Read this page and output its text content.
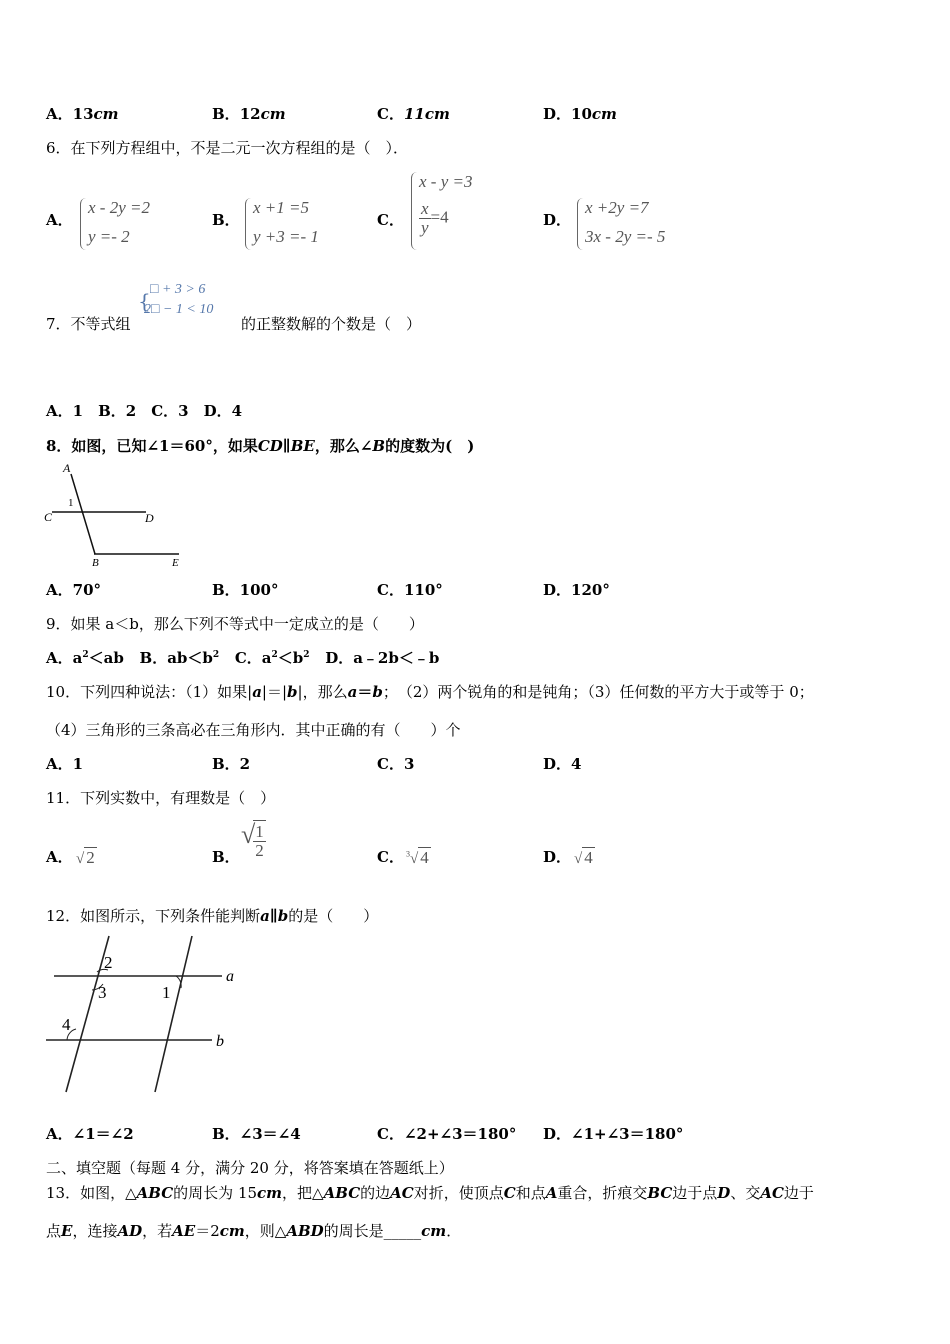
A．13cm	B．12cm	C．11cm	D．10cm
6．在下列方程组中，不是二元一次方程组的是（　）．
A．
x - 2y =2
y =- 2
B．
x +1 =5
y +3 =- 1
C．
x - y =3
$\frac{x}{y} =4$	D．
x +2y =7
3x - 2y =- 5
7．不等式组
{ □ + 3 > 6
2□ − 1 < 10
的正整数解的个数是（　）
A．1　B．2　C．3　D．4
8．如图，已知∠1＝60°，如果CD∥BE，那么∠B的度数为(　)
A
1
C	D
B	E
A．70°	B．100°	C．110°	D．120°
9．如果 a＜b，那么下列不等式中一定成立的是（　　）
A．$a^2<ab$ B．$ab<b^2$ C．$a^2<b^2$ D．a﹣2b＜﹣b
10．下列四种说法：（1）如果|a|＝|b|，那么a＝b；　（2）两个锐角的和是钝角；（3）任何数的平方大于或等于 0；
（4）三角形的三条高必在三角形内．其中正确的有（　　）个
A．1	B．2	C．3	D．4
11．下列实数中，有理数是（　）
A． √ 2	B．
√
$\frac{1}{2}$	C． $^3$√ 4	D． √ 4
12．如图所示，下列条件能判断a∥b的是（　　）
2
3	1
4
a
b
A．∠1＝∠2	B．∠3＝∠4	C．∠2+∠3＝180° D．∠1+∠3＝180°
二、填空题（每题 4 分，满分 20 分，将答案填在答题纸上）
13．如图，△ABC的周长为 15cm，把△ABC的边AC对折，使顶点C和点A重合，折痕交BC边于点D、交AC边于
点E，连接AD，若AE＝2cm，则△ABD的周长是_____cm．
